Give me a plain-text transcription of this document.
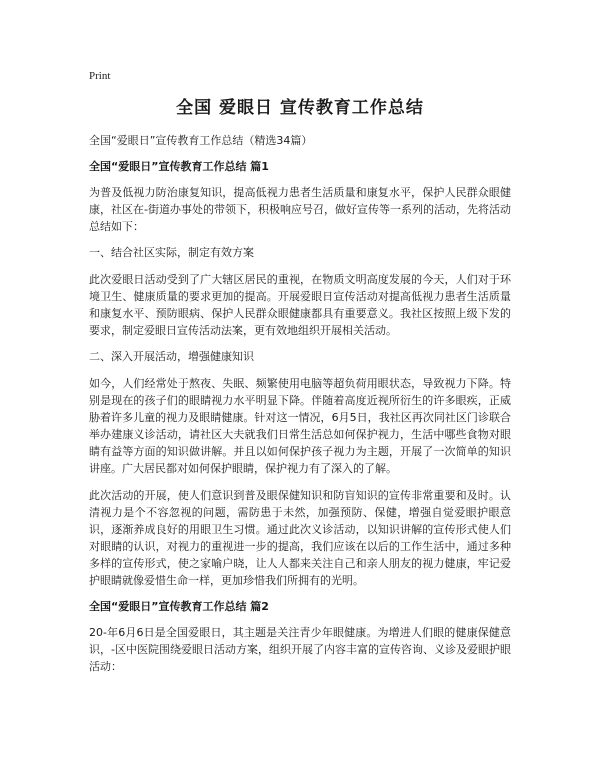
Print
全国 爱眼日 宣传教育工作总结
全国“爱眼日”宣传教育工作总结（精选34篇）
全国“爱眼日”宣传教育工作总结 篇1

为普及低视力防治康复知识，提高低视力患者生活质量和康复水平，保护人民群众眼健康，社区在-街道办事处的带领下，积极响应号召，做好宣传等一系列的活动，先将活动总结如下：

一、结合社区实际，制定有效方案

此次爱眼日活动受到了广大辖区居民的重视，在物质文明高度发展的今天，人们对于环境卫生、健康质量的要求更加的提高。开展爱眼日宣传活动对提高低视力患者生活质量和康复水平、预防眼病、保护人民群众眼健康都具有重要意义。我社区按照上级下发的要求，制定爱眼日宣传活动法案，更有效地组织开展相关活动。

二、深入开展活动，增强健康知识

如今，人们经常处于熬夜、失眠、频繁使用电脑等超负荷用眼状态，导致视力下降。特别是现在的孩子们的眼睛视力水平明显下降。伴随着高度近视所衍生的许多眼疾，正威胁着许多儿童的视力及眼睛健康。针对这一情况，6月5日，我社区再次同社区门诊联合举办建康义诊活动，请社区大夫就我们日常生活总如何保护视力，生活中哪些食物对眼睛有益等方面的知识做讲解。并且以如何保护孩子视力为主题，开展了一次简单的知识讲座。广大居民都对如何保护眼睛，保护视力有了深入的了解。

此次活动的开展，使人们意识到普及眼保健知识和防盲知识的宣传非常重要和及时。认清视力是个不容忽视的问题，需防患于未然，加强预防、保健，增强自觉爱眼护眼意识，逐渐养成良好的用眼卫生习惯。通过此次义诊活动，以知识讲解的宣传形式使人们对眼睛的认识，对视力的重视进一步的提高，我们应该在以后的工作生活中，通过多种多样的宣传形式，使之家喻户晓，让人人都来关注自己和亲人朋友的视力健康，牢记爱护眼睛就像爱惜生命一样，更加珍惜我们所拥有的光明。

全国“爱眼日”宣传教育工作总结 篇2

20-年6月6日是全国爱眼日，其主题是关注青少年眼健康。为增进人们眼的健康保健意识，-区中医院围绕爱眼日活动方案，组织开展了内容丰富的宣传咨询、义诊及爱眼护眼活动：
